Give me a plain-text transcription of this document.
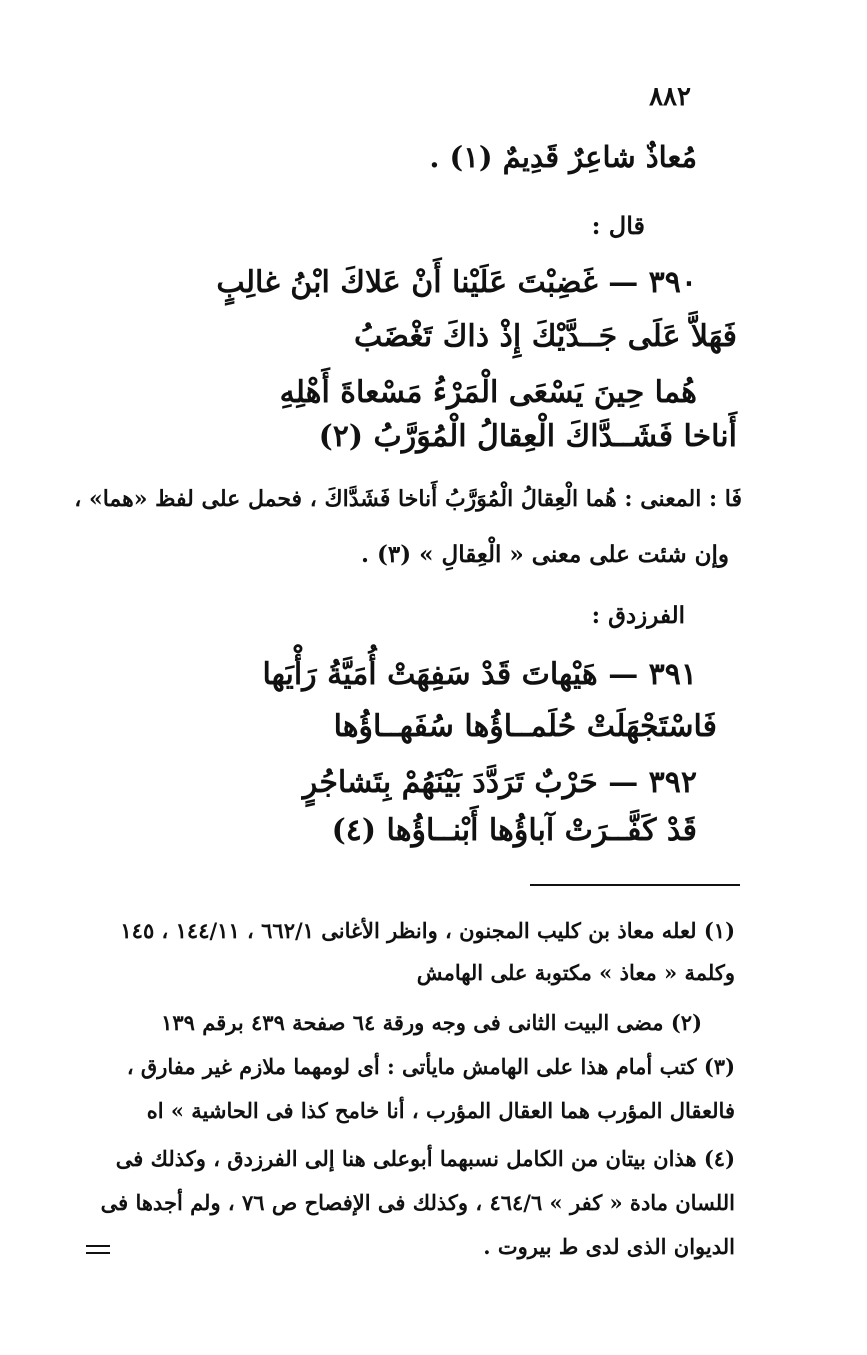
٨٨٢
مُعاذٌ شاعِرٌ قَدِيمٌ (١) .
قال :
٣٩٠ — غَضِبْتَ عَلَيْنا أَنْ عَلاكَ ابْنُ غالِبٍ
فَهَلاَّ عَلَى جَــدَّيْكَ إِذْ ذاكَ تَغْضَبُ
هُما حِينَ يَسْعَى الْمَرْءُ مَسْعاةَ أَهْلِهِ
أَناخا فَشَــدَّاكَ الْعِقالُ الْمُوَرَّبُ (٢)
فَا : المعنى : هُما الْعِقالُ الْمُوَرَّبُ أَناخا فَشَدَّاكَ ، فحمل على لفظ «هما» ،
وإن شئت على معنى « الْعِقالِ » (٣) .
الفرزدق :
٣٩١ — هَيْهاتَ قَدْ سَفِهَتْ أُمَيَّةُ رَأْيَها
فَاسْتَجْهَلَتْ حُلَمــاؤُها سُفَهــاؤُها
٣٩٢ — حَرْبٌ تَرَدَّدَ بَيْنَهُمْ بِتَشاجُرٍ
قَدْ كَفَّــرَتْ آباؤُها أَبْنــاؤُها (٤)
(١) لعله معاذ بن كليب المجنون ، وانظر الأغانى ٦٦٢/١ ، ١٤٤/١١ ، ١٤٥
وكلمة « معاذ » مكتوبة على الهامش
(٢) مضى البيت الثانى فى وجه ورقة ٦٤ صفحة ٤٣٩ برقم ١٣٩
(٣) كتب أمام هذا على الهامش مايأتى : أى لومهما ملازم غير مفارق ،
فالعقال المؤرب هما العقال المؤرب ، أنا خامح كذا فى الحاشية » اه
(٤) هذان بيتان من الكامل نسبهما أبوعلى هنا إلى الفرزدق ، وكذلك فى
اللسان مادة « كفر » ٤٦٤/٦ ، وكذلك فى الإفصاح ص ٧٦ ، ولم أجدها فى
الديوان الذى لدى ط بيروت .
